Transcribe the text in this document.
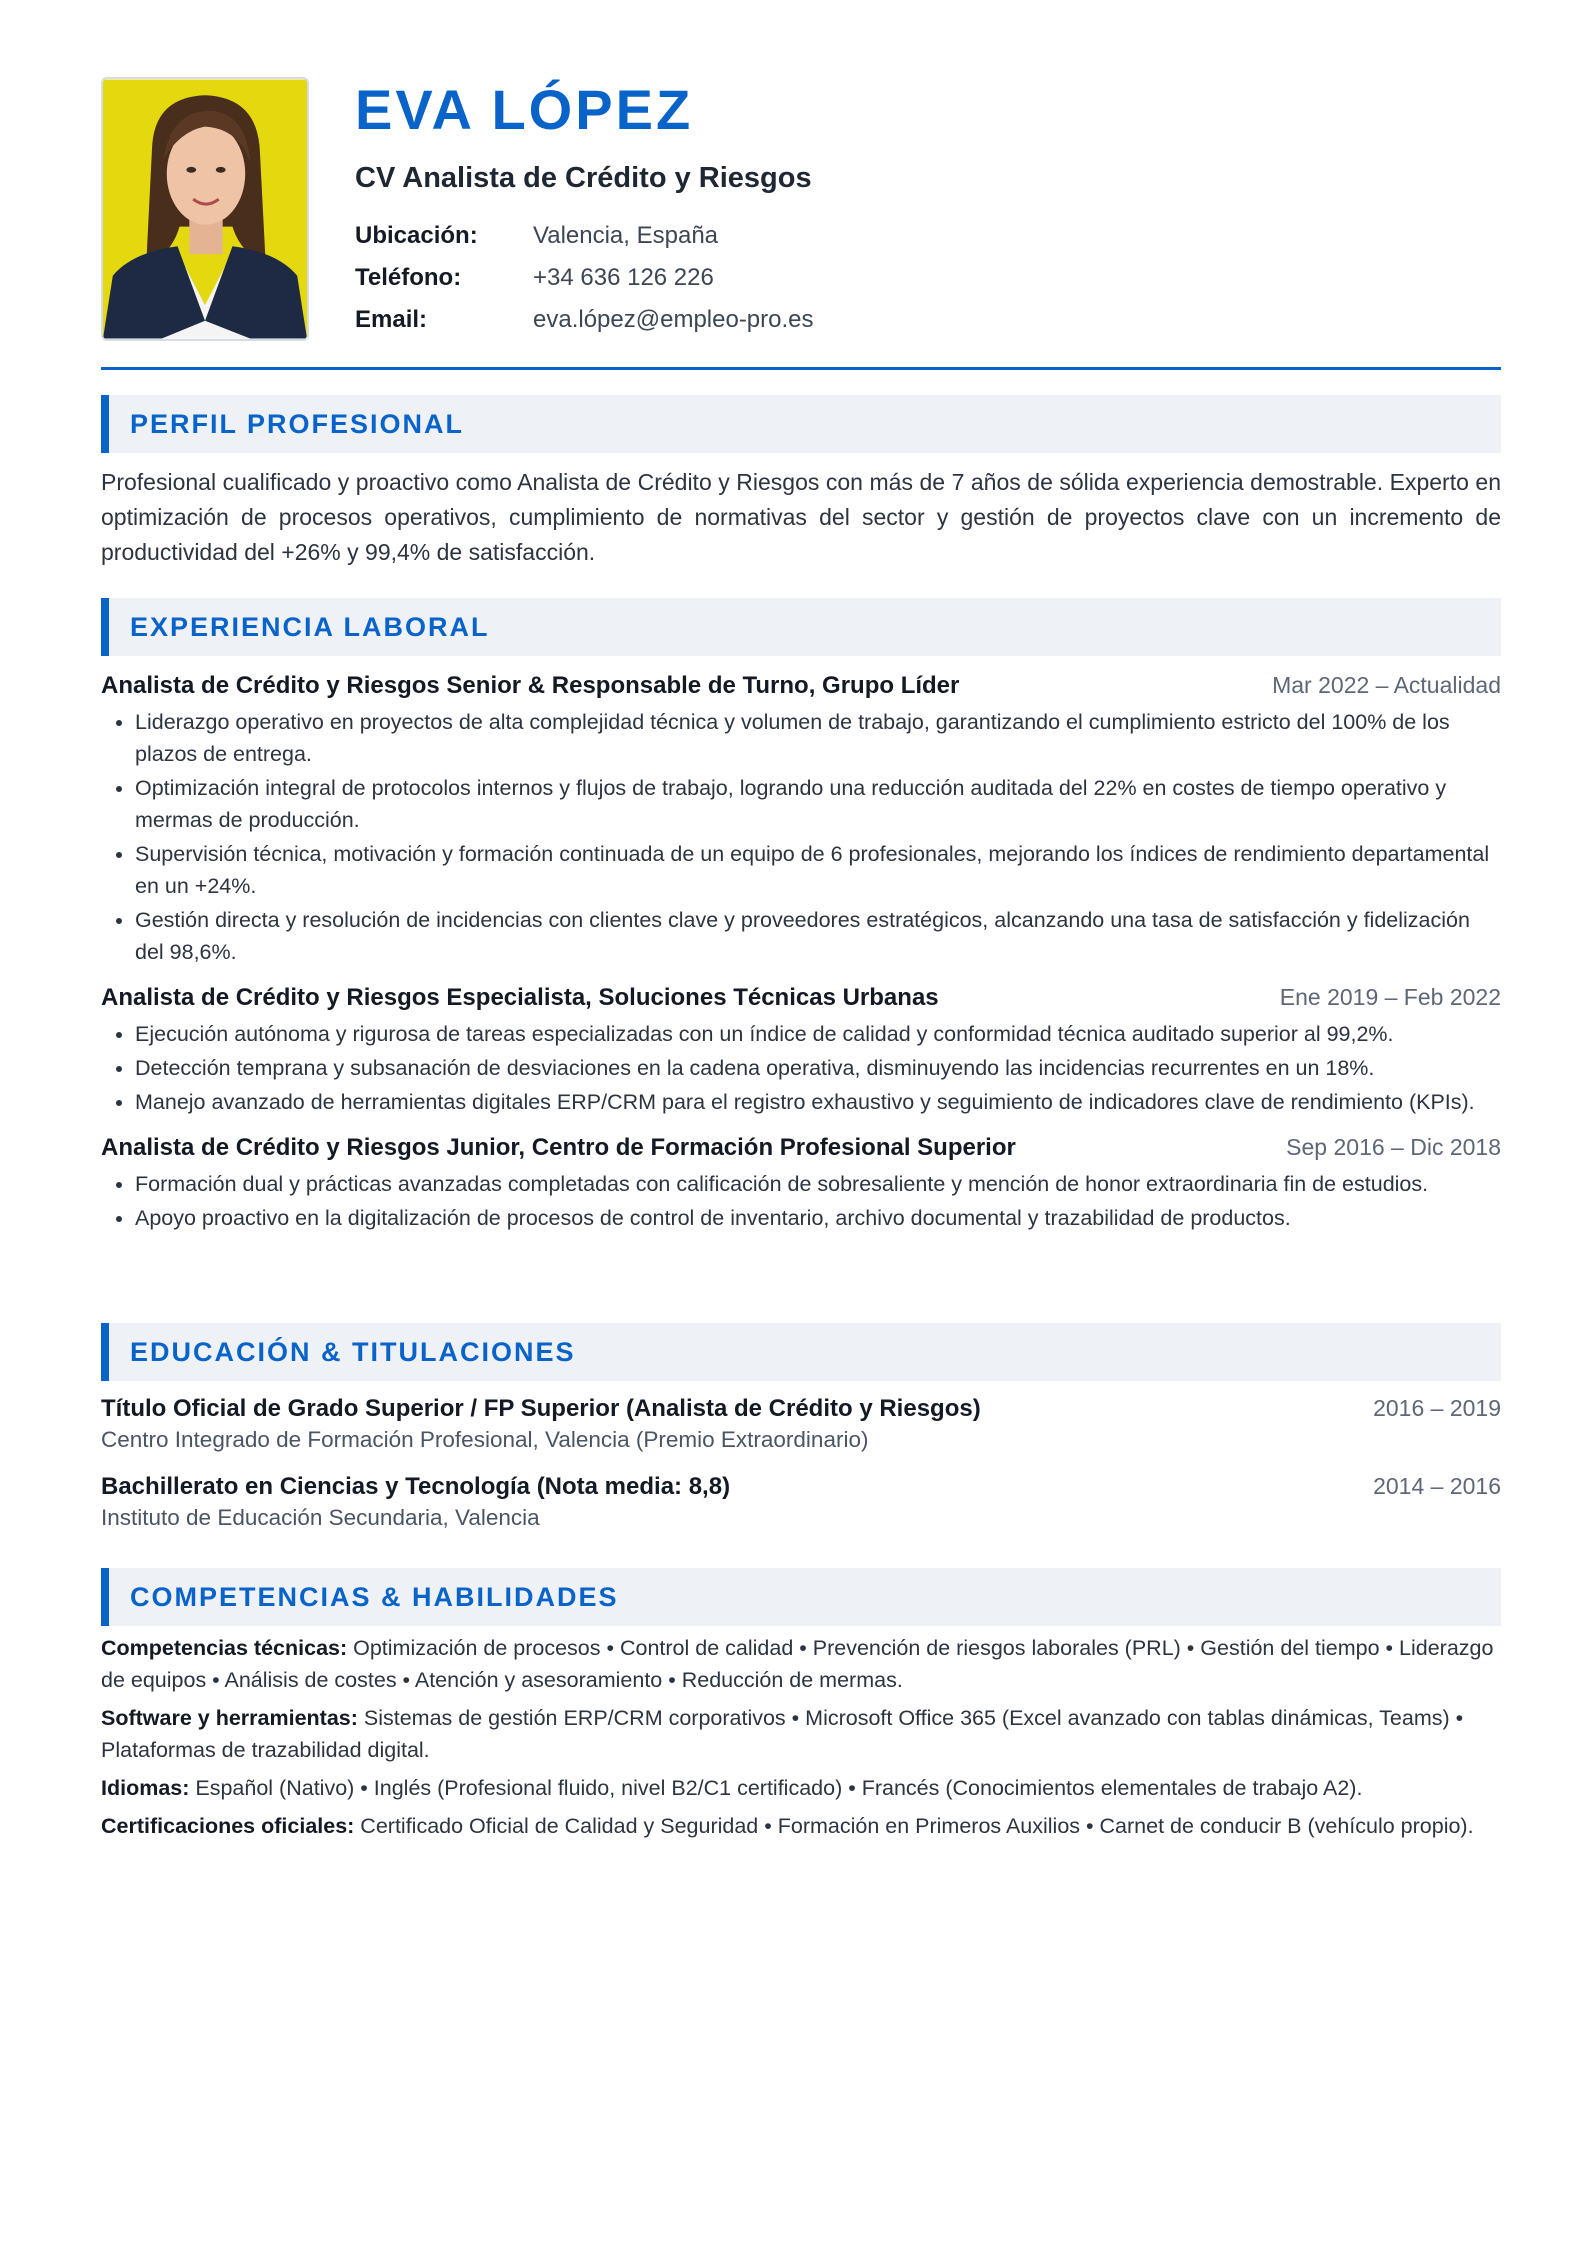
EVA LÓPEZ
CV Analista de Crédito y Riesgos
Ubicación:	Valencia, España
Teléfono:	+34 636 126 226
Email:	eva.lópez@empleo-pro.es
PERFIL PROFESIONAL
Profesional cualificado y proactivo como Analista de Crédito y Riesgos con más de 7 años de sólida experiencia demostrable. Experto en optimización de procesos operativos, cumplimiento de normativas del sector y gestión de proyectos clave con un incremento de productividad del +26% y 99,4% de satisfacción.
EXPERIENCIA LABORAL
Analista de Crédito y Riesgos Senior & Responsable de Turno, Grupo Líder	Mar 2022 – Actualidad
• Liderazgo operativo en proyectos de alta complejidad técnica y volumen de trabajo, garantizando el cumplimiento estricto del 100% de los plazos de entrega.
• Optimización integral de protocolos internos y flujos de trabajo, logrando una reducción auditada del 22% en costes de tiempo operativo y mermas de producción.
• Supervisión técnica, motivación y formación continuada de un equipo de 6 profesionales, mejorando los índices de rendimiento departamental en un +24%.
• Gestión directa y resolución de incidencias con clientes clave y proveedores estratégicos, alcanzando una tasa de satisfacción y fidelización del 98,6%.
Analista de Crédito y Riesgos Especialista, Soluciones Técnicas Urbanas	Ene 2019 – Feb 2022
• Ejecución autónoma y rigurosa de tareas especializadas con un índice de calidad y conformidad técnica auditado superior al 99,2%.
• Detección temprana y subsanación de desviaciones en la cadena operativa, disminuyendo las incidencias recurrentes en un 18%.
• Manejo avanzado de herramientas digitales ERP/CRM para el registro exhaustivo y seguimiento de indicadores clave de rendimiento (KPIs).
Analista de Crédito y Riesgos Junior, Centro de Formación Profesional Superior	Sep 2016 – Dic 2018
• Formación dual y prácticas avanzadas completadas con calificación de sobresaliente y mención de honor extraordinaria fin de estudios.
• Apoyo proactivo en la digitalización de procesos de control de inventario, archivo documental y trazabilidad de productos.
EDUCACIÓN & TITULACIONES
Título Oficial de Grado Superior / FP Superior (Analista de Crédito y Riesgos)	2016 – 2019
Centro Integrado de Formación Profesional, Valencia (Premio Extraordinario)
Bachillerato en Ciencias y Tecnología (Nota media: 8,8)	2014 – 2016
Instituto de Educación Secundaria, Valencia
COMPETENCIAS & HABILIDADES
Competencias técnicas: Optimización de procesos • Control de calidad • Prevención de riesgos laborales (PRL) • Gestión del tiempo • Liderazgo de equipos • Análisis de costes • Atención y asesoramiento • Reducción de mermas.
Software y herramientas: Sistemas de gestión ERP/CRM corporativos • Microsoft Office 365 (Excel avanzado con tablas dinámicas, Teams) • Plataformas de trazabilidad digital.
Idiomas: Español (Nativo) • Inglés (Profesional fluido, nivel B2/C1 certificado) • Francés (Conocimientos elementales de trabajo A2).
Certificaciones oficiales: Certificado Oficial de Calidad y Seguridad • Formación en Primeros Auxilios • Carnet de conducir B (vehículo propio).
